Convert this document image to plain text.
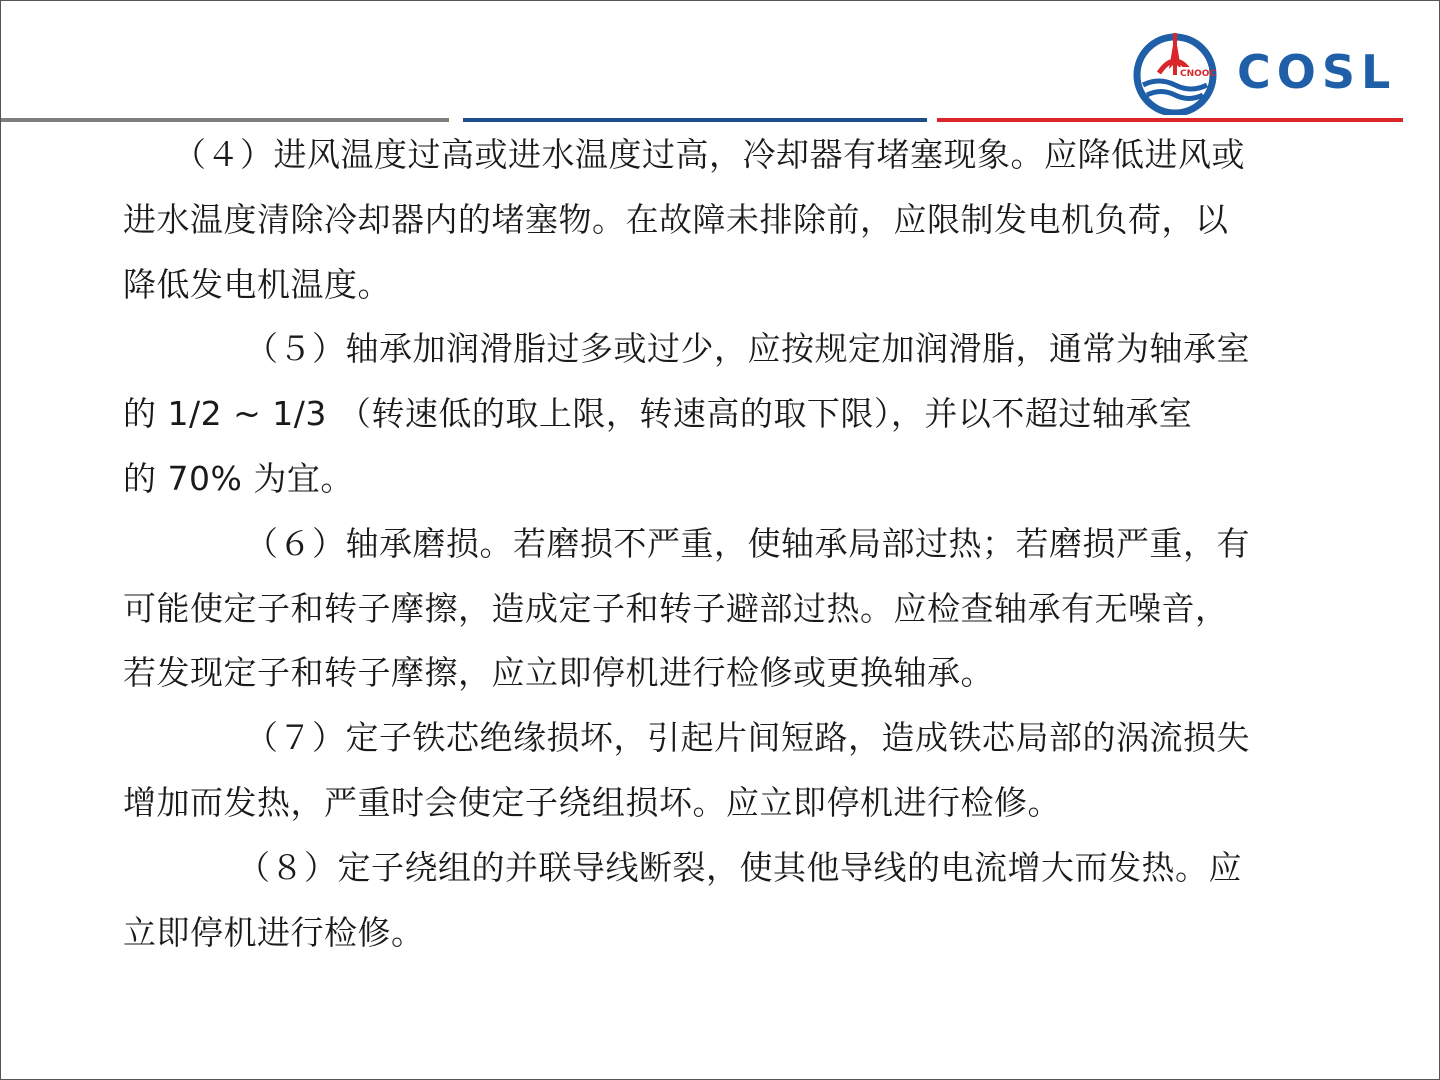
CNOOC COSL

（４）进风温度过高或进水温度过高，冷却器有堵塞现象。应降低进风或
进水温度清除冷却器内的堵塞物。在故障未排除前，应限制发电机负荷，以
降低发电机温度。

（５）轴承加润滑脂过多或过少，应按规定加润滑脂，通常为轴承室
的 1/2 ~ 1/3 （转速低的取上限，转速高的取下限），并以不超过轴承室
的 70% 为宜。

（６）轴承磨损。若磨损不严重，使轴承局部过热；若磨损严重，有
可能使定子和转子摩擦，造成定子和转子避部过热。应检查轴承有无噪音，
若发现定子和转子摩擦，应立即停机进行检修或更换轴承。

（７）定子铁芯绝缘损坏，引起片间短路，造成铁芯局部的涡流损失
增加而发热，严重时会使定子绕组损坏。应立即停机进行检修。

（８）定子绕组的并联导线断裂，使其他导线的电流增大而发热。应
立即停机进行检修。
